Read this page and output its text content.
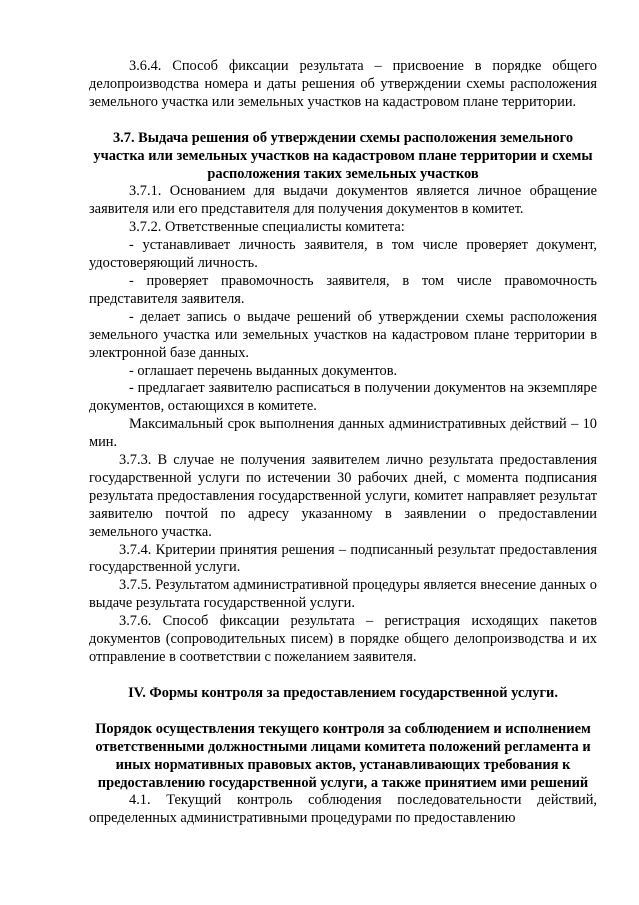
3.6.4. Способ фиксации результата – присвоение в порядке общего делопроизводства номера и даты решения об утверждении схемы расположения земельного участка или земельных участков на кадастровом плане территории.

3.7. Выдача решения об утверждении схемы расположения земельного участка или земельных участков на кадастровом плане территории и схемы расположения таких земельных участков

3.7.1. Основанием для выдачи документов является личное обращение заявителя или его представителя для получения документов в комитет.

3.7.2. Ответственные специалисты комитета:

- устанавливает личность заявителя, в том числе проверяет документ, удостоверяющий личность.

- проверяет правомочность заявителя, в том числе правомочность представителя заявителя.

- делает запись о выдаче решений об утверждении схемы расположения земельного участка или земельных участков на кадастровом плане территории в электронной базе данных.

- оглашает перечень выданных документов.

- предлагает заявителю расписаться в получении документов на экземпляре документов, остающихся в комитете.

Максимальный срок выполнения данных административных действий – 10 мин.

3.7.3. В случае не получения заявителем лично результата предоставления государственной услуги по истечении 30 рабочих дней, с момента подписания результата предоставления государственной услуги, комитет направляет результат заявителю почтой по адресу указанному в заявлении о предоставлении земельного участка.

3.7.4. Критерии принятия решения – подписанный результат предоставления государственной услуги.

3.7.5. Результатом административной процедуры является внесение данных о выдаче результата государственной услуги.

3.7.6. Способ фиксации результата – регистрация исходящих пакетов документов (сопроводительных писем) в порядке общего делопроизводства и их отправление в соответствии с пожеланием заявителя.

IV. Формы контроля за предоставлением государственной услуги.
Порядок осуществления текущего контроля за соблюдением и исполнением ответственными должностными лицами комитета положений регламента и иных нормативных правовых актов, устанавливающих требования к предоставлению государственной услуги, а также принятием ими решений

4.1. Текущий контроль соблюдения последовательности действий, определенных административными процедурами по предоставлению
